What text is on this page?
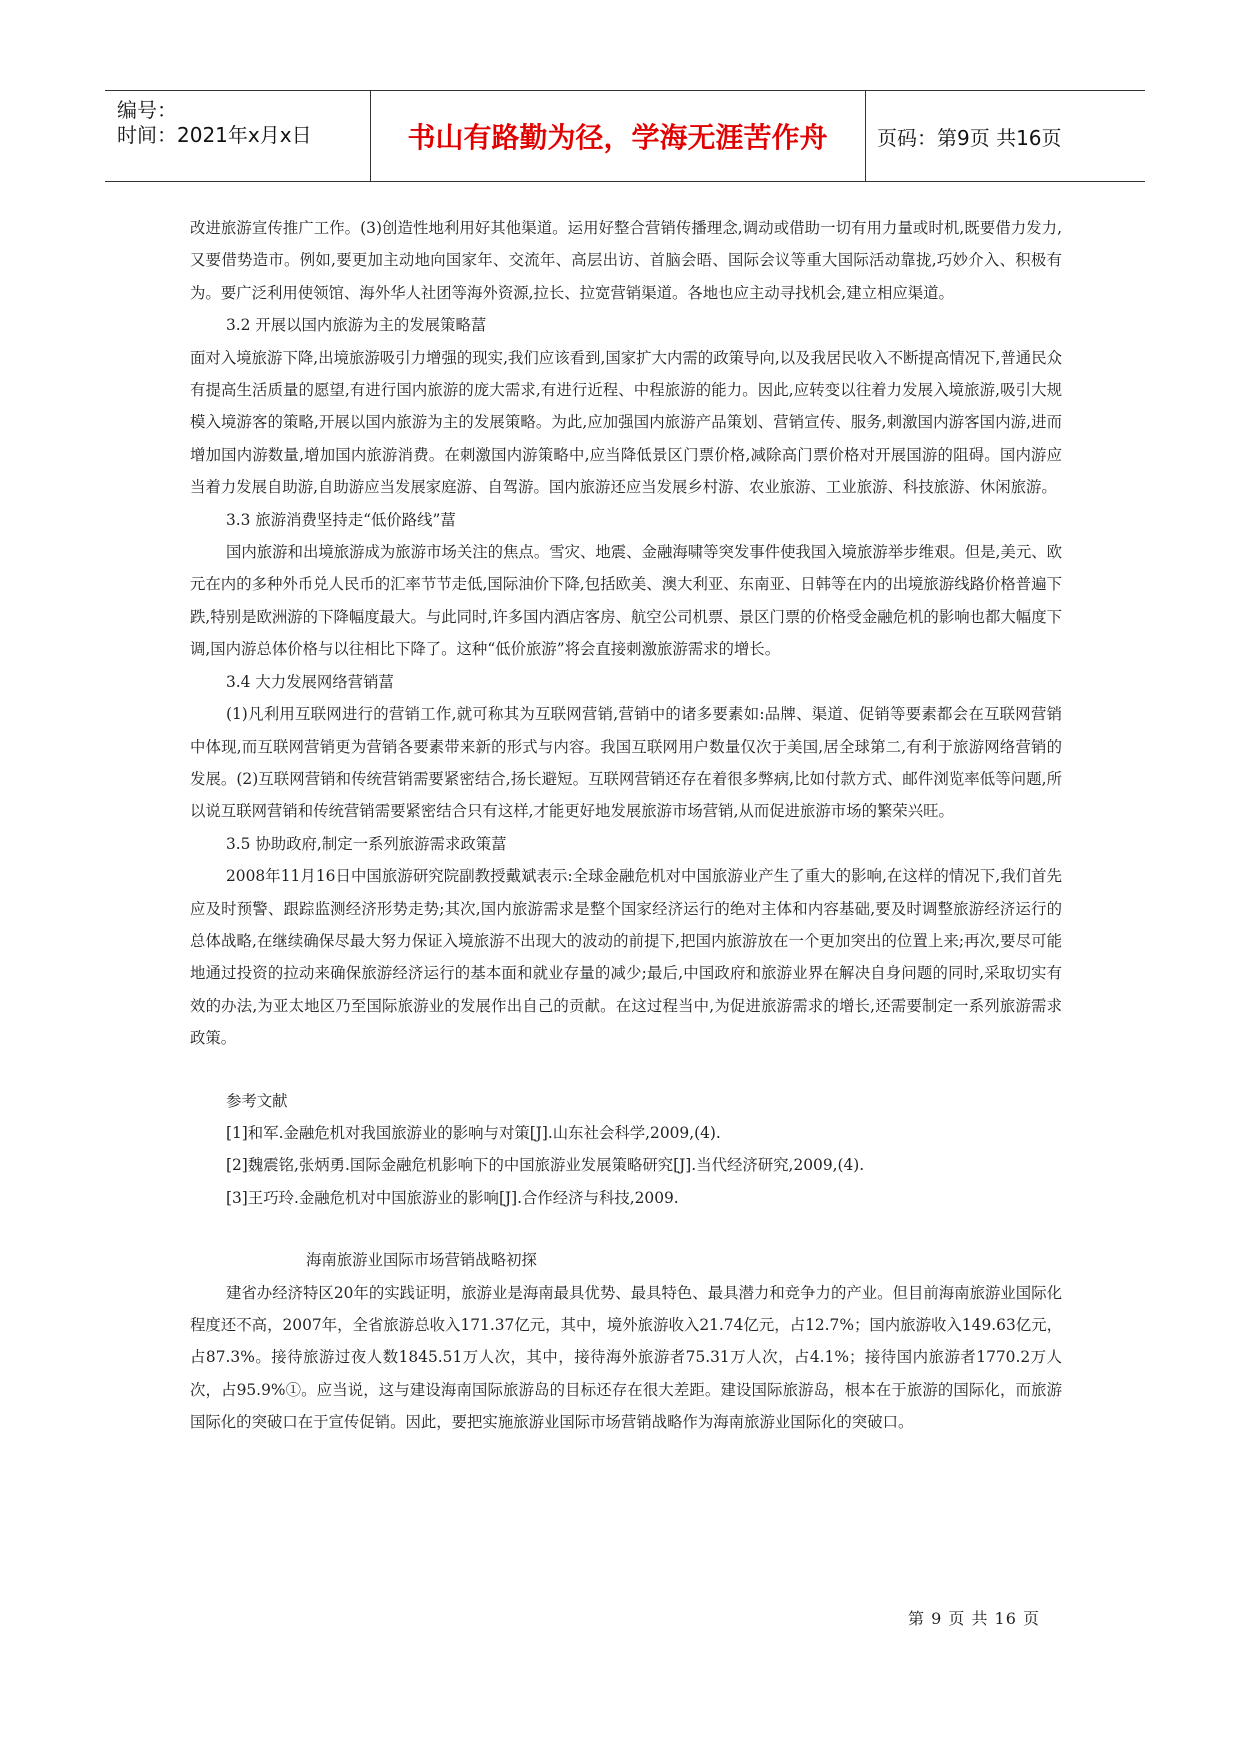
编号：
时间：2021年x月x日	书山有路勤为径，学海无涯苦作舟	页码：第9页 共16页

改进旅游宣传推广工作。(3)创造性地利用好其他渠道。运用好整合营销传播理念,调动或借助一切有用力量或时机,既要借力发力,又要借势造市。例如,要更加主动地向国家年、交流年、高层出访、首脑会晤、国际会议等重大国际活动靠拢,巧妙介入、积极有为。要广泛利用使领馆、海外华人社团等海外资源,拉长、拉宽营销渠道。各地也应主动寻找机会,建立相应渠道。

3.2 开展以国内旅游为主的发展策略葍

面对入境旅游下降,出境旅游吸引力增强的现实,我们应该看到,国家扩大内需的政策导向,以及我居民收入不断提高情况下,普通民众有提高生活质量的愿望,有进行国内旅游的庞大需求,有进行近程、中程旅游的能力。因此,应转变以往着力发展入境旅游,吸引大规模入境游客的策略,开展以国内旅游为主的发展策略。为此,应加强国内旅游产品策划、营销宣传、服务,刺激国内游客国内游,进而增加国内游数量,增加国内旅游消费。在刺激国内游策略中,应当降低景区门票价格,减除高门票价格对开展国游的阻碍。国内游应当着力发展自助游,自助游应当发展家庭游、自驾游。国内旅游还应当发展乡村游、农业旅游、工业旅游、科技旅游、休闲旅游。

3.3 旅游消费坚持走“低价路线”葍

国内旅游和出境旅游成为旅游市场关注的焦点。雪灾、地震、金融海啸等突发事件使我国入境旅游举步维艰。但是,美元、欧元在内的多种外币兑人民币的汇率节节走低,国际油价下降,包括欧美、澳大利亚、东南亚、日韩等在内的出境旅游线路价格普遍下跌,特别是欧洲游的下降幅度最大。与此同时,许多国内酒店客房、航空公司机票、景区门票的价格受金融危机的影响也都大幅度下调,国内游总体价格与以往相比下降了。这种“低价旅游”将会直接刺激旅游需求的增长。

3.4 大力发展网络营销葍

(1)凡利用互联网进行的营销工作,就可称其为互联网营销,营销中的诸多要素如:品牌、渠道、促销等要素都会在互联网营销中体现,而互联网营销更为营销各要素带来新的形式与内容。我国互联网用户数量仅次于美国,居全球第二,有利于旅游网络营销的发展。(2)互联网营销和传统营销需要紧密结合,扬长避短。互联网营销还存在着很多弊病,比如付款方式、邮件浏览率低等问题,所以说互联网营销和传统营销需要紧密结合只有这样,才能更好地发展旅游市场营销,从而促进旅游市场的繁荣兴旺。

3.5 协助政府,制定一系列旅游需求政策葍

2008年11月16日中国旅游研究院副教授戴斌表示:全球金融危机对中国旅游业产生了重大的影响,在这样的情况下,我们首先应及时预警、跟踪监测经济形势走势;其次,国内旅游需求是整个国家经济运行的绝对主体和内容基础,要及时调整旅游经济运行的总体战略,在继续确保尽最大努力保证入境旅游不出现大的波动的前提下,把国内旅游放在一个更加突出的位置上来;再次,要尽可能地通过投资的拉动来确保旅游经济运行的基本面和就业存量的减少;最后,中国政府和旅游业界在解决自身问题的同时,采取切实有效的办法,为亚太地区乃至国际旅游业的发展作出自己的贡献。在这过程当中,为促进旅游需求的增长,还需要制定一系列旅游需求政策。

参考文献

[1]和军.金融危机对我国旅游业的影响与对策[J].山东社会科学,2009,(4).

[2]魏震铭,张炳勇.国际金融危机影响下的中国旅游业发展策略研究[J].当代经济研究,2009,(4).

[3]王巧玲.金融危机对中国旅游业的影响[J].合作经济与科技,2009.

海南旅游业国际市场营销战略初探

建省办经济特区20年的实践证明，旅游业是海南最具优势、最具特色、最具潜力和竞争力的产业。但目前海南旅游业国际化程度还不高，2007年，全省旅游总收入171.37亿元，其中，境外旅游收入21.74亿元，占12.7%；国内旅游收入149.63亿元，占87.3%。接待旅游过夜人数1845.51万人次，其中，接待海外旅游者75.31万人次，占4.1%；接待国内旅游者1770.2万人次，占95.9%①。应当说，这与建设海南国际旅游岛的目标还存在很大差距。建设国际旅游岛，根本在于旅游的国际化，而旅游国际化的突破口在于宣传促销。因此，要把实施旅游业国际市场营销战略作为海南旅游业国际化的突破口。

第 9 页 共 16 页
